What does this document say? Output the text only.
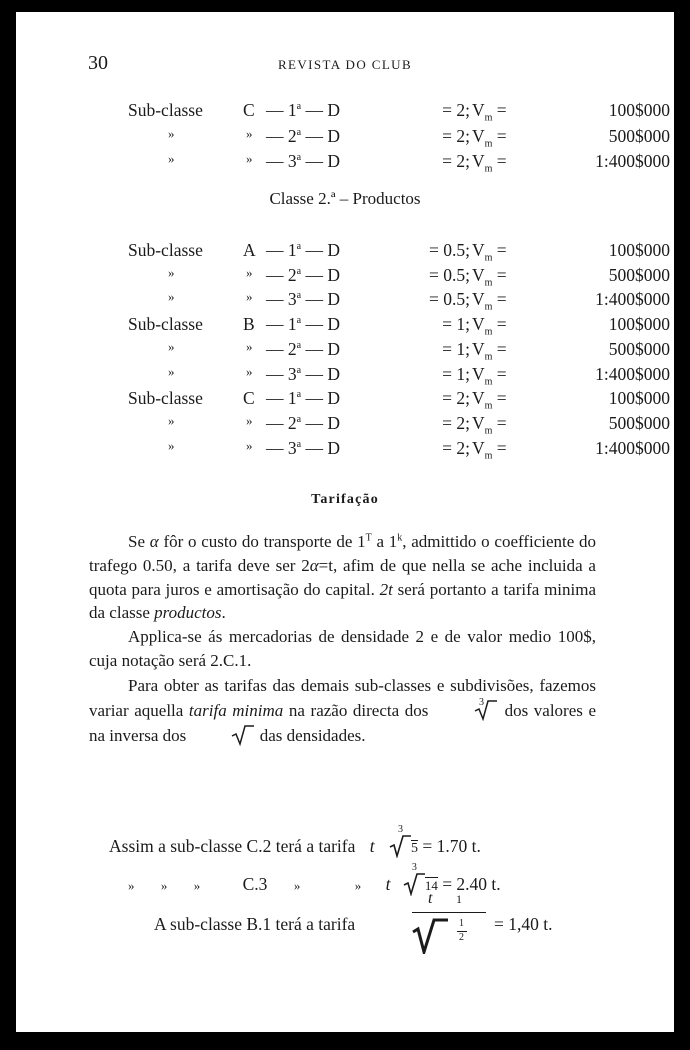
30	REVISTA DO CLUB
Sub-classe	C — 1$^a$ — D	= 2; $V_m$ =	100$000
»	» — 2$^a$ — D	= 2; $V_m$ =	500$000
»	» — 3$^a$ — D	= 2; $V_m$ =	1:400$000
Classe 2.ª – Productos
Sub-classe	A — 1$^a$ — D	= 0.5; $V_m$ =	100$000
»	» — 2$^a$ — D	= 0.5; $V_m$ =	500$000
»	» — 3$^a$ — D	= 0.5; $V_m$ =	1:400$000
Sub-classe	B — 1$^a$ — D	= 1; $V_m$ =	100$000
»	» — 2$^a$ — D	= 1; $V_m$ =	500$000
»	» — 3$^a$ — D	= 1; $V_m$ =	1:400$000
Sub-classe	C — 1$^a$ — D	= 2; $V_m$ =	100$000
»	» — 2$^a$ — D	= 2; $V_m$ =	500$000
»	» — 3$^a$ — D	= 2; $V_m$ =	1:400$000
Tarifação

Se α fôr o custo do transporte de $1^T$ a 1$^k$, admittido o coefficiente do trafego 0.50, a tarifa deve ser 2α=t, afim de que nella se ache incluida a quota para juros e amortisação do capital. 2t será portanto a tarifa minima da classe productos.

Applica-se ás mercadorias de densidade 2 e de valor medio 100$, cuja notação será 2.C.1.

Para obter as tarifas das demais sub-classes e subdivisões, fazemos variar aquella tarifa minima na razão directa dos	3 dos valores e na inversa dos	das densidades.

Assim a sub-classe C.2 terá a tarifa t
3
5 = 1.70 t.
» » » C.3 »	» t
3
14 = 2.40 t.
A sub-classe B.1 terá a tarifa
t 1
1
2
= 1,40 t.
